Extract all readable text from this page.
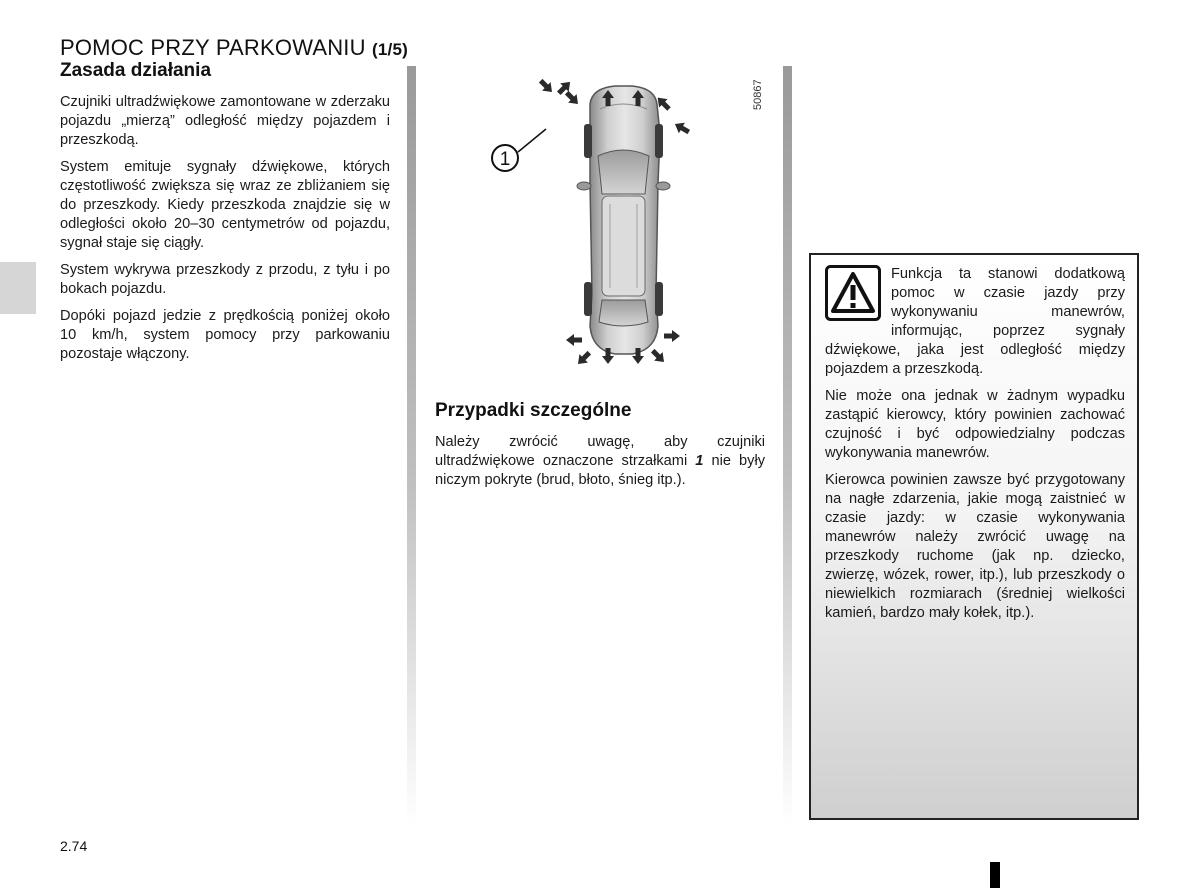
POMOC PRZY PARKOWANIU (1/5)
Zasada działania

Czujniki ultradźwiękowe zamontowane w zderzaku pojazdu „mierzą” odległość między pojazdem i przeszkodą.

System emituje sygnały dźwiękowe, których częstotliwość zwiększa się wraz ze zbliżaniem się do przeszkody. Kiedy przeszkoda znajdzie się w odległości około 20–30 centymetrów od pojazdu, sygnał staje się ciągły.

System wykrywa przeszkody z przodu, z tyłu i po bokach pojazdu.

Dopóki pojazd jedzie z prędkością poniżej około 10 km/h, system pomocy przy parkowaniu pozostaje włączony.

1
50867
Przypadki szczególne

Należy zwrócić uwagę, aby czujniki ultradźwiękowe oznaczone strzałkami 1 nie były niczym pokryte (brud, błoto, śnieg itp.).

Funkcja ta stanowi dodatkową pomoc w czasie jazdy przy wykonywaniu manewrów, informując, poprzez sygnały dźwiękowe, jaka jest odległość między pojazdem a przeszkodą.

Nie może ona jednak w żadnym wypadku zastąpić kierowcy, który powinien zachować czujność i być odpowiedzialny podczas wykonywania manewrów.

Kierowca powinien zawsze być przygotowany na nagłe zdarzenia, jakie mogą zaistnieć w czasie jazdy: w czasie wykonywania manewrów należy zwrócić uwagę na przeszkody ruchome (jak np. dziecko, zwierzę, wózek, rower, itp.), lub przeszkody o niewielkich rozmiarach (średniej wielkości kamień, bardzo mały kołek, itp.).

2.74
